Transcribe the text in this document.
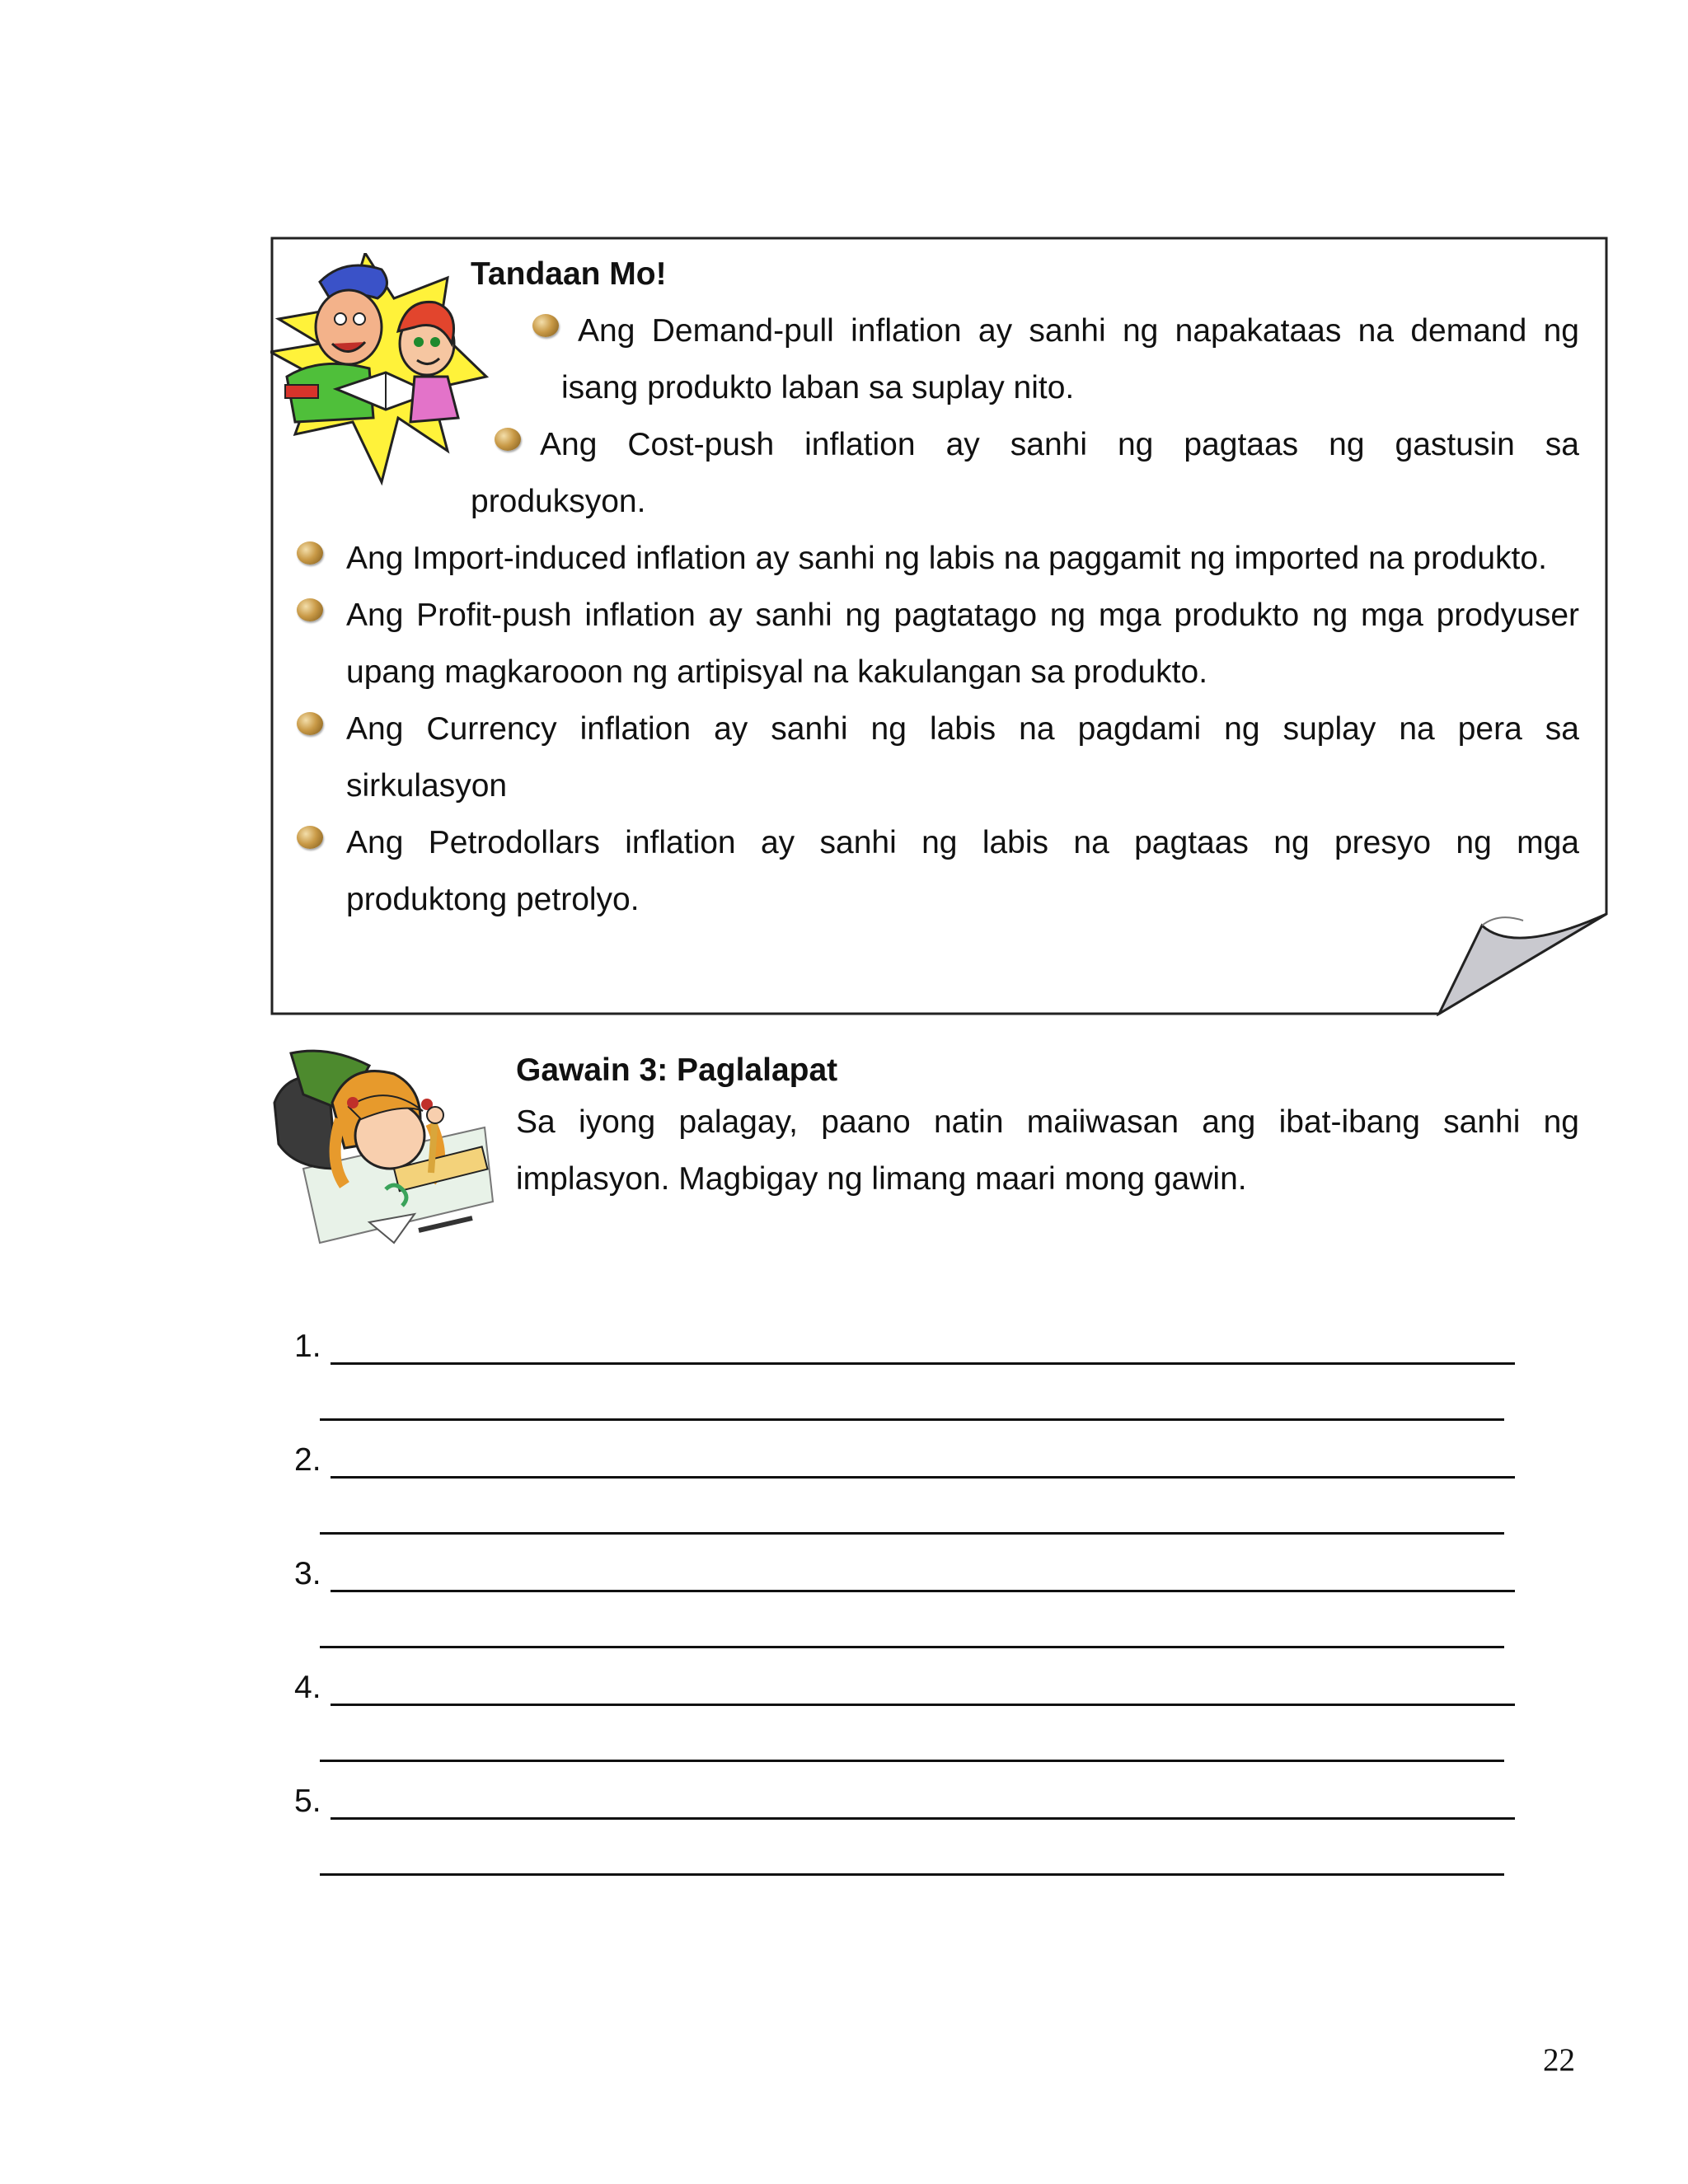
Tandaan Mo!
Ang Demand-pull inflation ay sanhi ng napakataas na demand ng
isang produkto laban sa suplay nito.
Ang Cost-push inflation ay sanhi ng pagtaas ng gastusin sa
produksyon.
Ang Import-induced inflation ay sanhi ng labis na paggamit ng imported na produkto.
Ang Profit-push inflation ay sanhi ng pagtatago ng mga produkto ng mga prodyuser
upang magkarooon ng artipisyal na kakulangan sa produkto.
Ang Currency inflation ay sanhi ng labis na pagdami ng suplay na pera sa
sirkulasyon
Ang Petrodollars inflation ay sanhi ng labis na pagtaas ng presyo ng mga
produktong petrolyo.
Gawain 3: Paglalapat
Sa iyong palagay, paano natin maiiwasan ang ibat-ibang sanhi ng
implasyon. Magbigay ng limang maari mong gawin.
1.
2.
3.
4.
5.
22
